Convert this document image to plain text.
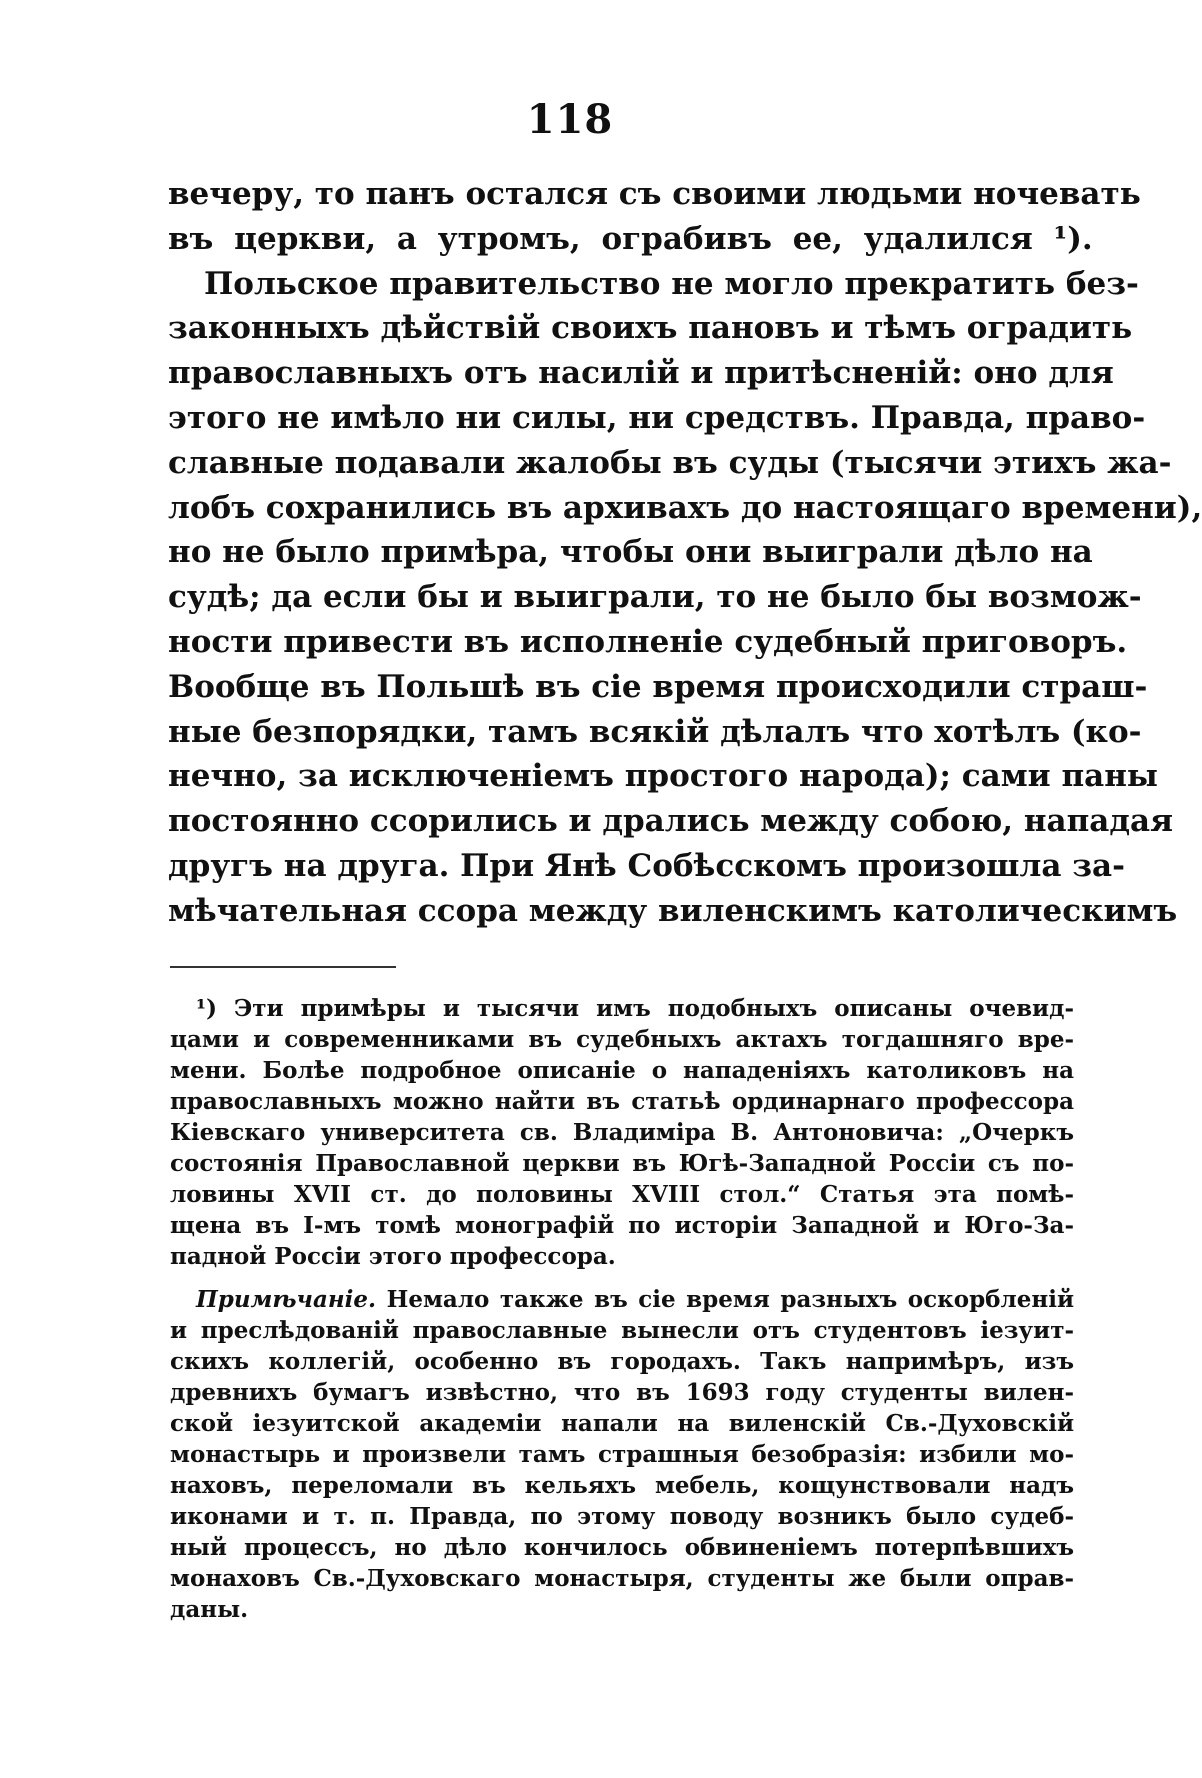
118
вечеру, то панъ остался съ своими людьми ночевать
въ церкви, а утромъ, ограбивъ ее, удалился ¹).
Польское правительство не могло прекратить без-
законныхъ дѣйствій своихъ пановъ и тѣмъ оградить
православныхъ отъ насилій и притѣсненій: оно для
этого не имѣло ни силы, ни средствъ. Правда, право-
славные подавали жалобы въ суды (тысячи этихъ жа-
лобъ сохранились въ архивахъ до настоящаго времени),
но не было примѣра, чтобы они выиграли дѣло на
судѣ; да если бы и выиграли, то не было бы возмож-
ности привести въ исполненіе судебный приговоръ.
Вообще въ Польшѣ въ сіе время происходили страш-
ные безпорядки, тамъ всякій дѣлалъ что хотѣлъ (ко-
нечно, за исключеніемъ простого народа); сами паны
постоянно ссорились и дрались между собою, нападая
другъ на друга. При Янѣ Собѣсскомъ произошла за-
мѣчательная ссора между виленскимъ католическимъ
¹) Эти примѣры и тысячи имъ подобныхъ описаны очевид-
цами и современниками въ судебныхъ актахъ тогдашняго вре-
мени. Болѣе подробное описаніе о нападеніяхъ католиковъ на
православныхъ можно найти въ статьѣ ординарнаго профессора
Кіевскаго университета св. Владиміра В. Антоновича: „Очеркъ
состоянія Православной церкви въ Югѣ-Западной Россіи съ по-
ловины XVII ст. до половины XVIII стол.“ Статья эта помѣ-
щена въ І-мъ томѣ монографій по исторіи Западной и Юго-За-
падной Россіи этого профессора.
Примѣчаніе. Немало также въ сіе время разныхъ оскорбленій
и преслѣдованій православные вынесли отъ студентовъ іезуит-
скихъ коллегій, особенно въ городахъ. Такъ напримѣръ, изъ
древнихъ бумагъ извѣстно, что въ 1693 году студенты вилен-
ской іезуитской академіи напали на виленскій Св.-Духовскій
монастырь и произвели тамъ страшныя безобразія: избили мо-
наховъ, переломали въ кельяхъ мебель, кощунствовали надъ
иконами и т. п. Правда, по этому поводу возникъ было судеб-
ный процессъ, но дѣло кончилось обвиненіемъ потерпѣвшихъ
монаховъ Св.-Духовскаго монастыря, студенты же были оправ-
даны.
